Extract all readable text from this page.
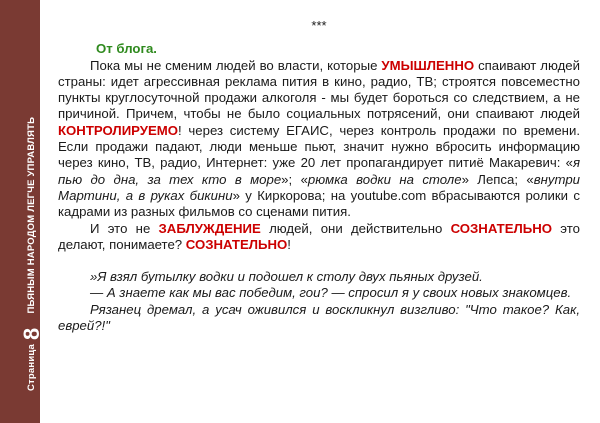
Страница
8
ПЬЯНЫМ НАРОДОМ ЛЕГЧЕ УПРАВЛЯТЬ
***
От блога.

Пока мы не сменим людей во власти, которые УМЫШЛЕННО спаивают людей страны: идет агрессивная реклама пития в кино, радио, ТВ; строятся повсеместно пункты круглосуточной продажи алкоголя - мы будет бороться со следствием, а не причиной. Причем, чтобы не было социальных потрясений, они спаивают людей КОНТРОЛИРУЕМО! через систему ЕГАИС, через контроль продажи по времени. Если продажи падают, люди меньше пьют, значит нужно вбросить информацию через кино, ТВ, радио, Интернет: уже 20 лет пропагандирует питиё Макаревич: «я пью до дна, за тех кто в море»; «рюмка водки на столе» Лепса; «внутри Мартини, а в руках бикини» у Киркорова; на youtube.com вбрасываются ролики с кадрами из разных фильмов со сценами пития.

И это не ЗАБЛУЖДЕНИЕ людей, они действительно СОЗНАТЕЛЬНО это делают, понимаете? СОЗНАТЕЛЬНО!

»Я взял бутылку водки и подошел к столу двух пьяных друзей.

— А знаете как мы вас победим, гои? — спросил я у своих новых знакомцев.

Рязанец дремал, а усач оживился и воскликнул визгливо: "Что такое? Как, еврей?!"
